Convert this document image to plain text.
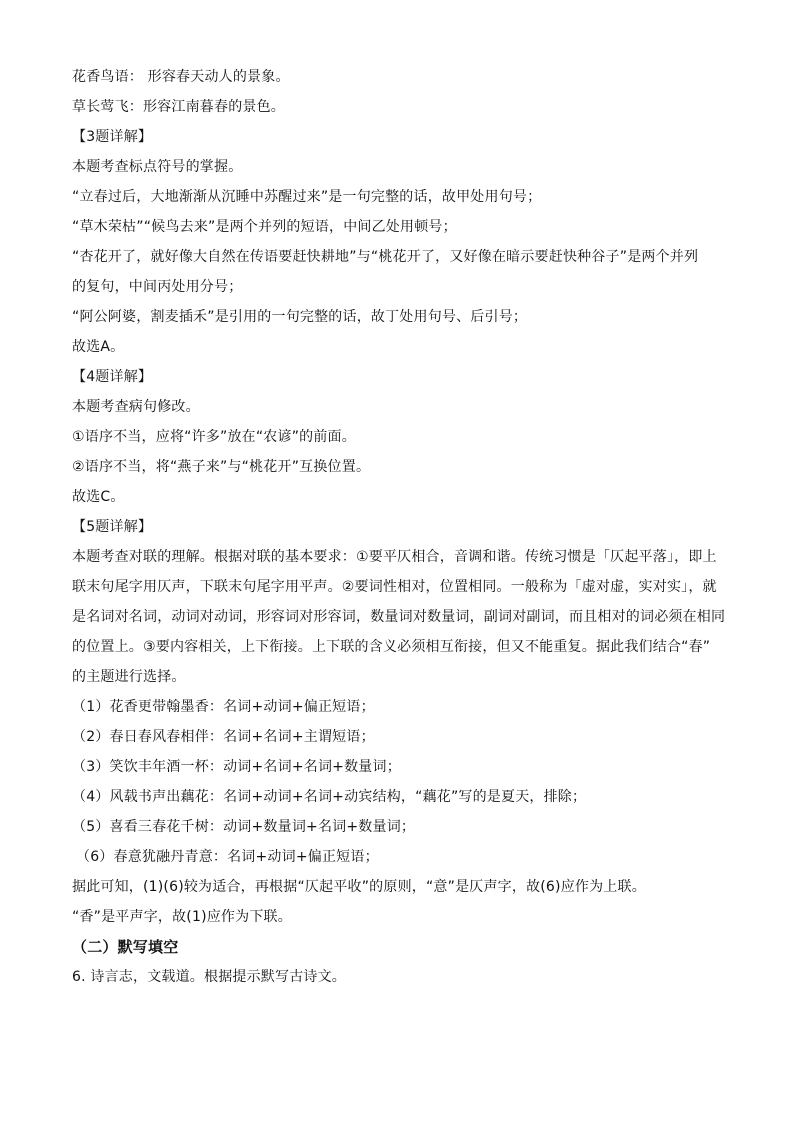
花香鸟语： 形容春天动人的景象。
草长莺飞：形容江南暮春的景色。
【3题详解】
本题考查标点符号的掌握。
“立春过后，大地渐渐从沉睡中苏醒过来”是一句完整的话，故甲处用句号；
“草木荣枯”“候鸟去来”是两个并列的短语，中间乙处用顿号；
“杏花开了，就好像大自然在传语要赶快耕地”与“桃花开了，又好像在暗示要赶快种谷子”是两个并列
的复句，中间丙处用分号；
“阿公阿婆，割麦插禾”是引用的一句完整的话，故丁处用句号、后引号；
故选A。
【4题详解】
本题考查病句修改。
①语序不当，应将“许多”放在“农谚”的前面。
②语序不当，将“燕子来”与“桃花开”互换位置。
故选C。
【5题详解】
本题考查对联的理解。根据对联的基本要求：①要平仄相合，音调和谐。传统习惯是「仄起平落」，即上
联末句尾字用仄声，下联末句尾字用平声。②要词性相对，位置相同。一般称为「虚对虚，实对实」，就
是名词对名词，动词对动词，形容词对形容词，数量词对数量词，副词对副词，而且相对的词必须在相同
的位置上。③要内容相关，上下衔接。上下联的含义必须相互衔接，但又不能重复。据此我们结合“春”
的主题进行选择。
（1）花香更带翰墨香：名词+动词+偏正短语；
（2）春日春风春相伴：名词+名词+主谓短语；
（3）笑饮丰年酒一杯：动词+名词+名词+数量词；
（4）风载书声出藕花：名词+动词+名词+动宾结构，“藕花”写的是夏天，排除；
（5）喜看三春花千树：动词+数量词+名词+数量词；
（6）春意犹融丹青意：名词+动词+偏正短语；
据此可知，(1)(6)较为适合，再根据“仄起平收”的原则，“意”是仄声字，故(6)应作为上联。
“香”是平声字，故(1)应作为下联。
（二）默写填空
6. 诗言志，文载道。根据提示默写古诗文。
